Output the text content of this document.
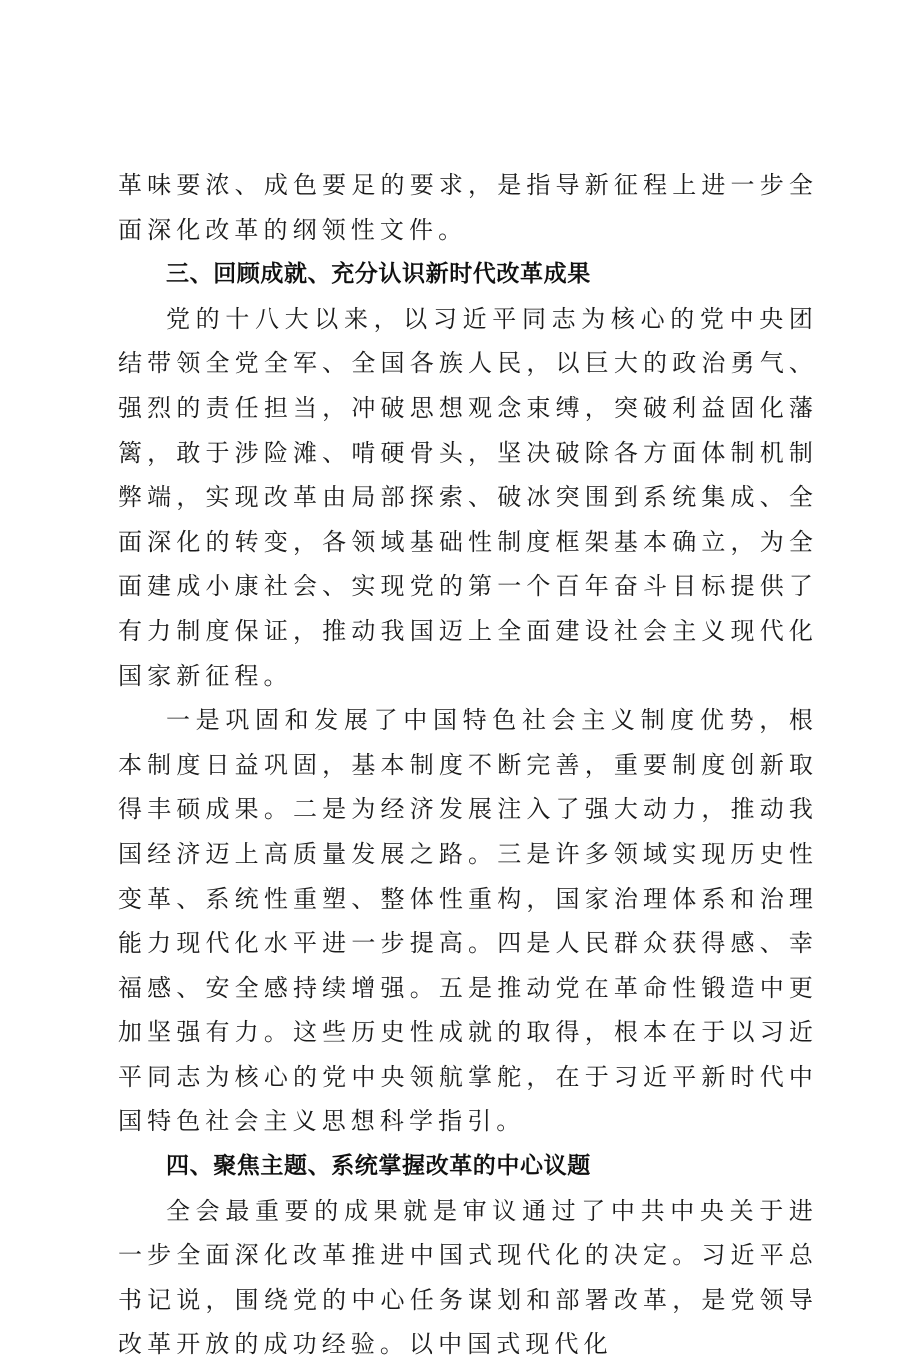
革味要浓、成色要足的要求，是指导新征程上进一步全面深化改革的纲领性文件。

三、回顾成就、充分认识新时代改革成果

党的十八大以来，以习近平同志为核心的党中央团结带领全党全军、全国各族人民，以巨大的政治勇气、强烈的责任担当，冲破思想观念束缚，突破利益固化藩篱，敢于涉险滩、啃硬骨头，坚决破除各方面体制机制弊端，实现改革由局部探索、破冰突围到系统集成、全面深化的转变，各领域基础性制度框架基本确立，为全面建成小康社会、实现党的第一个百年奋斗目标提供了有力制度保证，推动我国迈上全面建设社会主义现代化国家新征程。

一是巩固和发展了中国特色社会主义制度优势，根本制度日益巩固，基本制度不断完善，重要制度创新取得丰硕成果。二是为经济发展注入了强大动力，推动我国经济迈上高质量发展之路。三是许多领域实现历史性变革、系统性重塑、整体性重构，国家治理体系和治理能力现代化水平进一步提高。四是人民群众获得感、幸福感、安全感持续增强。五是推动党在革命性锻造中更加坚强有力。这些历史性成就的取得，根本在于以习近平同志为核心的党中央领航掌舵，在于习近平新时代中国特色社会主义思想科学指引。

四、聚焦主题、系统掌握改革的中心议题

全会最重要的成果就是审议通过了中共中央关于进一步全面深化改革推进中国式现代化的决定。习近平总书记说，围绕党的中心任务谋划和部署改革，是党领导改革开放的成功经验。以中国式现代化
